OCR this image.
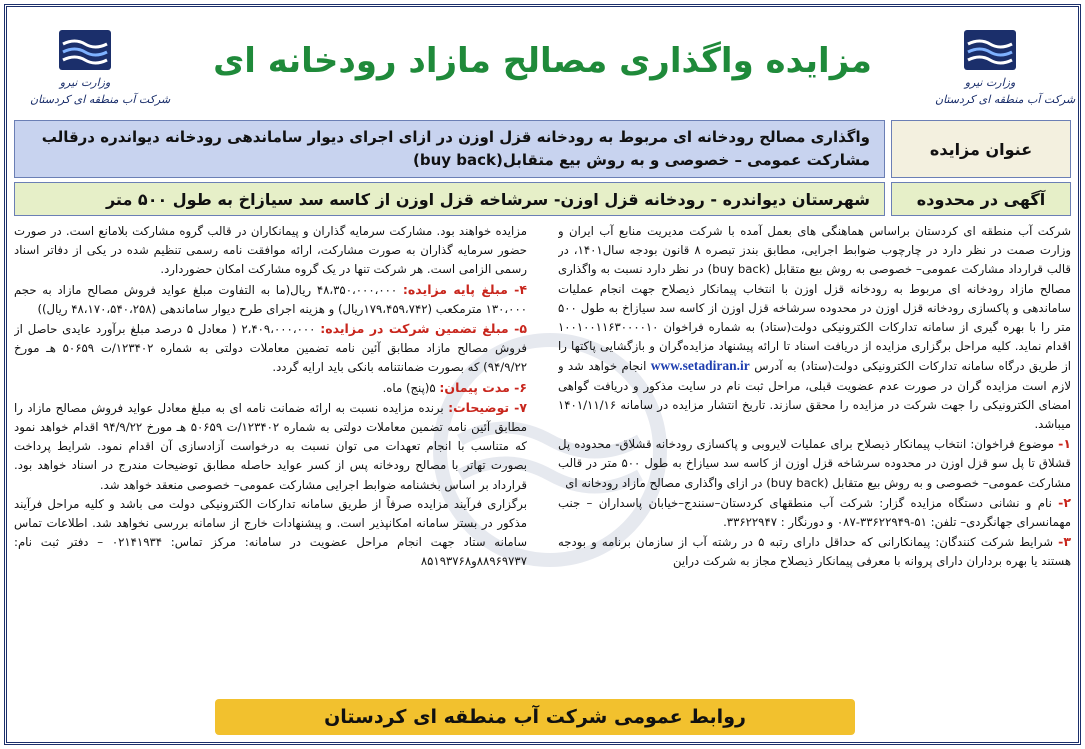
وزارت نیرو
شرکت آب منطقه ای کردستان
وزارت نیرو
شرکت آب منطقه ای کردستان
مزایده واگذاری مصالح مازاد رودخانه ای
عنوان مزایده
واگذاری مصالح رودخانه ای مربوط به رودخانه قزل اوزن در ازای اجرای دیوار ساماندهی رودخانه دیواندره درقالب مشارکت عمومی – خصوصی و به روش بیع متقابل(buy back)
آگهی در محدوده
شهرستان دیواندره - رودخانه قزل اوزن- سرشاخه قزل اوزن از کاسه سد سیازاخ به طول ۵۰۰ متر

شرکت آب منطقه ای کردستان براساس هماهنگی های بعمل آمده با شرکت مدیریت منابع آب ایران و وزارت صمت در نظر دارد در چارچوب ضوابط اجرایی، مطابق بندز تبصره ۸ قانون بودجه سال۱۴۰۱، در قالب قرارداد مشارکت عمومی– خصوصی به روش بیع متقابل (buy back) در نظر دارد نسبت به واگذاری مصالح مازاد رودخانه ای مربوط به رودخانه قزل اوزن با انتخاب پیمانکار ذیصلاح جهت انجام عملیات ساماندهی و پاکسازی رودخانه قزل اوزن در محدوده سرشاخه قزل اوزن از کاسه سد سیازاخ به طول ۵۰۰ متر را با بهره گیری از سامانه تدارکات الکترونیکی دولت(ستاد) به شماره فراخوان ۱۰۰۱۰۰۱۱۶۳۰۰۰۰۱۰ اقدام نماید. کلیه مراحل برگزاری مزایده از دریافت اسناد تا ارائه پیشنهاد مزایده‌گران و بازگشایی پاکتها را از طریق درگاه سامانه تدارکات الکترونیکی دولت(ستاد) به آدرس www.setadiran.ir انجام خواهد شد و لازم است مزایده گران در صورت عدم عضویت قبلی، مراحل ثبت نام در سایت مذکور و دریافت گواهی امضای الکترونیکی را جهت شرکت در مزایده را محقق سازند. تاریخ انتشار مزایده در سامانه ۱۴۰۱/۱۱/۱۶ میباشد.

۱- موضوع فراخوان: انتخاب پیمانکار ذیصلاح برای عملیات لایروبی و پاکسازی رودخانه قشلاق- محدوده پل قشلاق تا پل سو قزل اوزن در محدوده سرشاخه قزل اوزن از کاسه سد سیازاخ به طول ۵۰۰ متر در قالب مشارکت عمومی– خصوصی و به روش بیع متقابل (buy back) در ازای واگذاری مصالح مازاد رودخانه ای

۲- نام و نشانی دستگاه مزایده گزار: شرکت آب منطقهای کردستان–سنندج–خیابان پاسداران – جنب مهمانسرای جهانگردی– تلفن: ۵۱-۳۳۶۲۲۹۴۹-۰۸۷ و دورنگار : ۳۳۶۲۲۹۴۷.

۳- شرایط شرکت کنندگان: پیمانکارانی که حداقل دارای رتبه ۵ در رشته آب از سازمان برنامه و بودجه هستند یا بهره برداران دارای پروانه با معرفی پیمانکار ذیصلاح مجاز به شرکت دراین

مزایده خواهند بود. مشارکت سرمایه گذاران و پیمانکاران در قالب گروه مشارکت بلامانع است. در صورت حضور سرمایه گذاران به صورت مشارکت، ارائه موافقت نامه رسمی تنظیم شده در یکی از دفاتر اسناد رسمی الزامی است. هر شرکت تنها در یک گروه مشارکت امکان حضوردارد.

۴- مبلغ پایه مزایده: ۴۸،۳۵۰،۰۰۰،۰۰۰ ریال(ما به التفاوت مبلغ عواید فروش مصالح مازاد به حجم ۱۳۰،۰۰۰ مترمکعب (۱۷۹،۴۵۹،۷۴۲ریال) و هزینه اجرای طرح دیوار ساماندهی (۴۸،۱۷۰،۵۴۰،۲۵۸ ریال))

۵- مبلغ تضمین شرکت در مزایده: ۲،۴۰۹،۰۰۰،۰۰۰ ( معادل ۵ درصد مبلغ برآورد عایدی حاصل از فروش مصالح مازاد مطابق آئین نامه تضمین معاملات دولتی به شماره ۱۲۳۴۰۲/ت ۵۰۶۵۹ هـ مورخ ۹۴/۹/۲۲) که بصورت ضمانتنامه بانکی باید ارایه گردد.

۶- مدت پیمان: ۵(پنج) ماه.

۷- توضیحات: برنده مزایده نسبت به ارائه ضمانت نامه ای به مبلغ معادل عواید فروش مصالح مازاد را مطابق آئین نامه تضمین معاملات دولتی به شماره ۱۲۳۴۰۲/ت ۵۰۶۵۹ هـ مورخ ۹۴/۹/۲۲ اقدام خواهد نمود که متناسب با انجام تعهدات می توان نسبت به درخواست آزادسازی آن اقدام نمود. شرایط پرداخت بصورت تهاتر با مصالح رودخانه پس از کسر عواید حاصله مطابق توضیحات مندرج در اسناد خواهد بود. قرارداد بر اساس بخشنامه ضوابط اجرایی مشارکت عمومی– خصوصی منعقد خواهد شد.

برگزاری فرآیند مزایده صرفاً از طریق سامانه تدارکات الکترونیکی دولت می باشد و کلیه مراحل فرآیند مذکور در بستر سامانه امکانپذیر است. و پیشنهادات خارج از سامانه بررسی نخواهد شد. اطلاعات تماس سامانه ستاد جهت انجام مراحل عضویت در سامانه: مرکز تماس: ۰۲۱۴۱۹۳۴ – دفتر ثبت نام: ۸۸۹۶۹۷۳۷و۸۵۱۹۳۷۶۸

روابط عمومی شرکت آب منطقه ای کردستان
